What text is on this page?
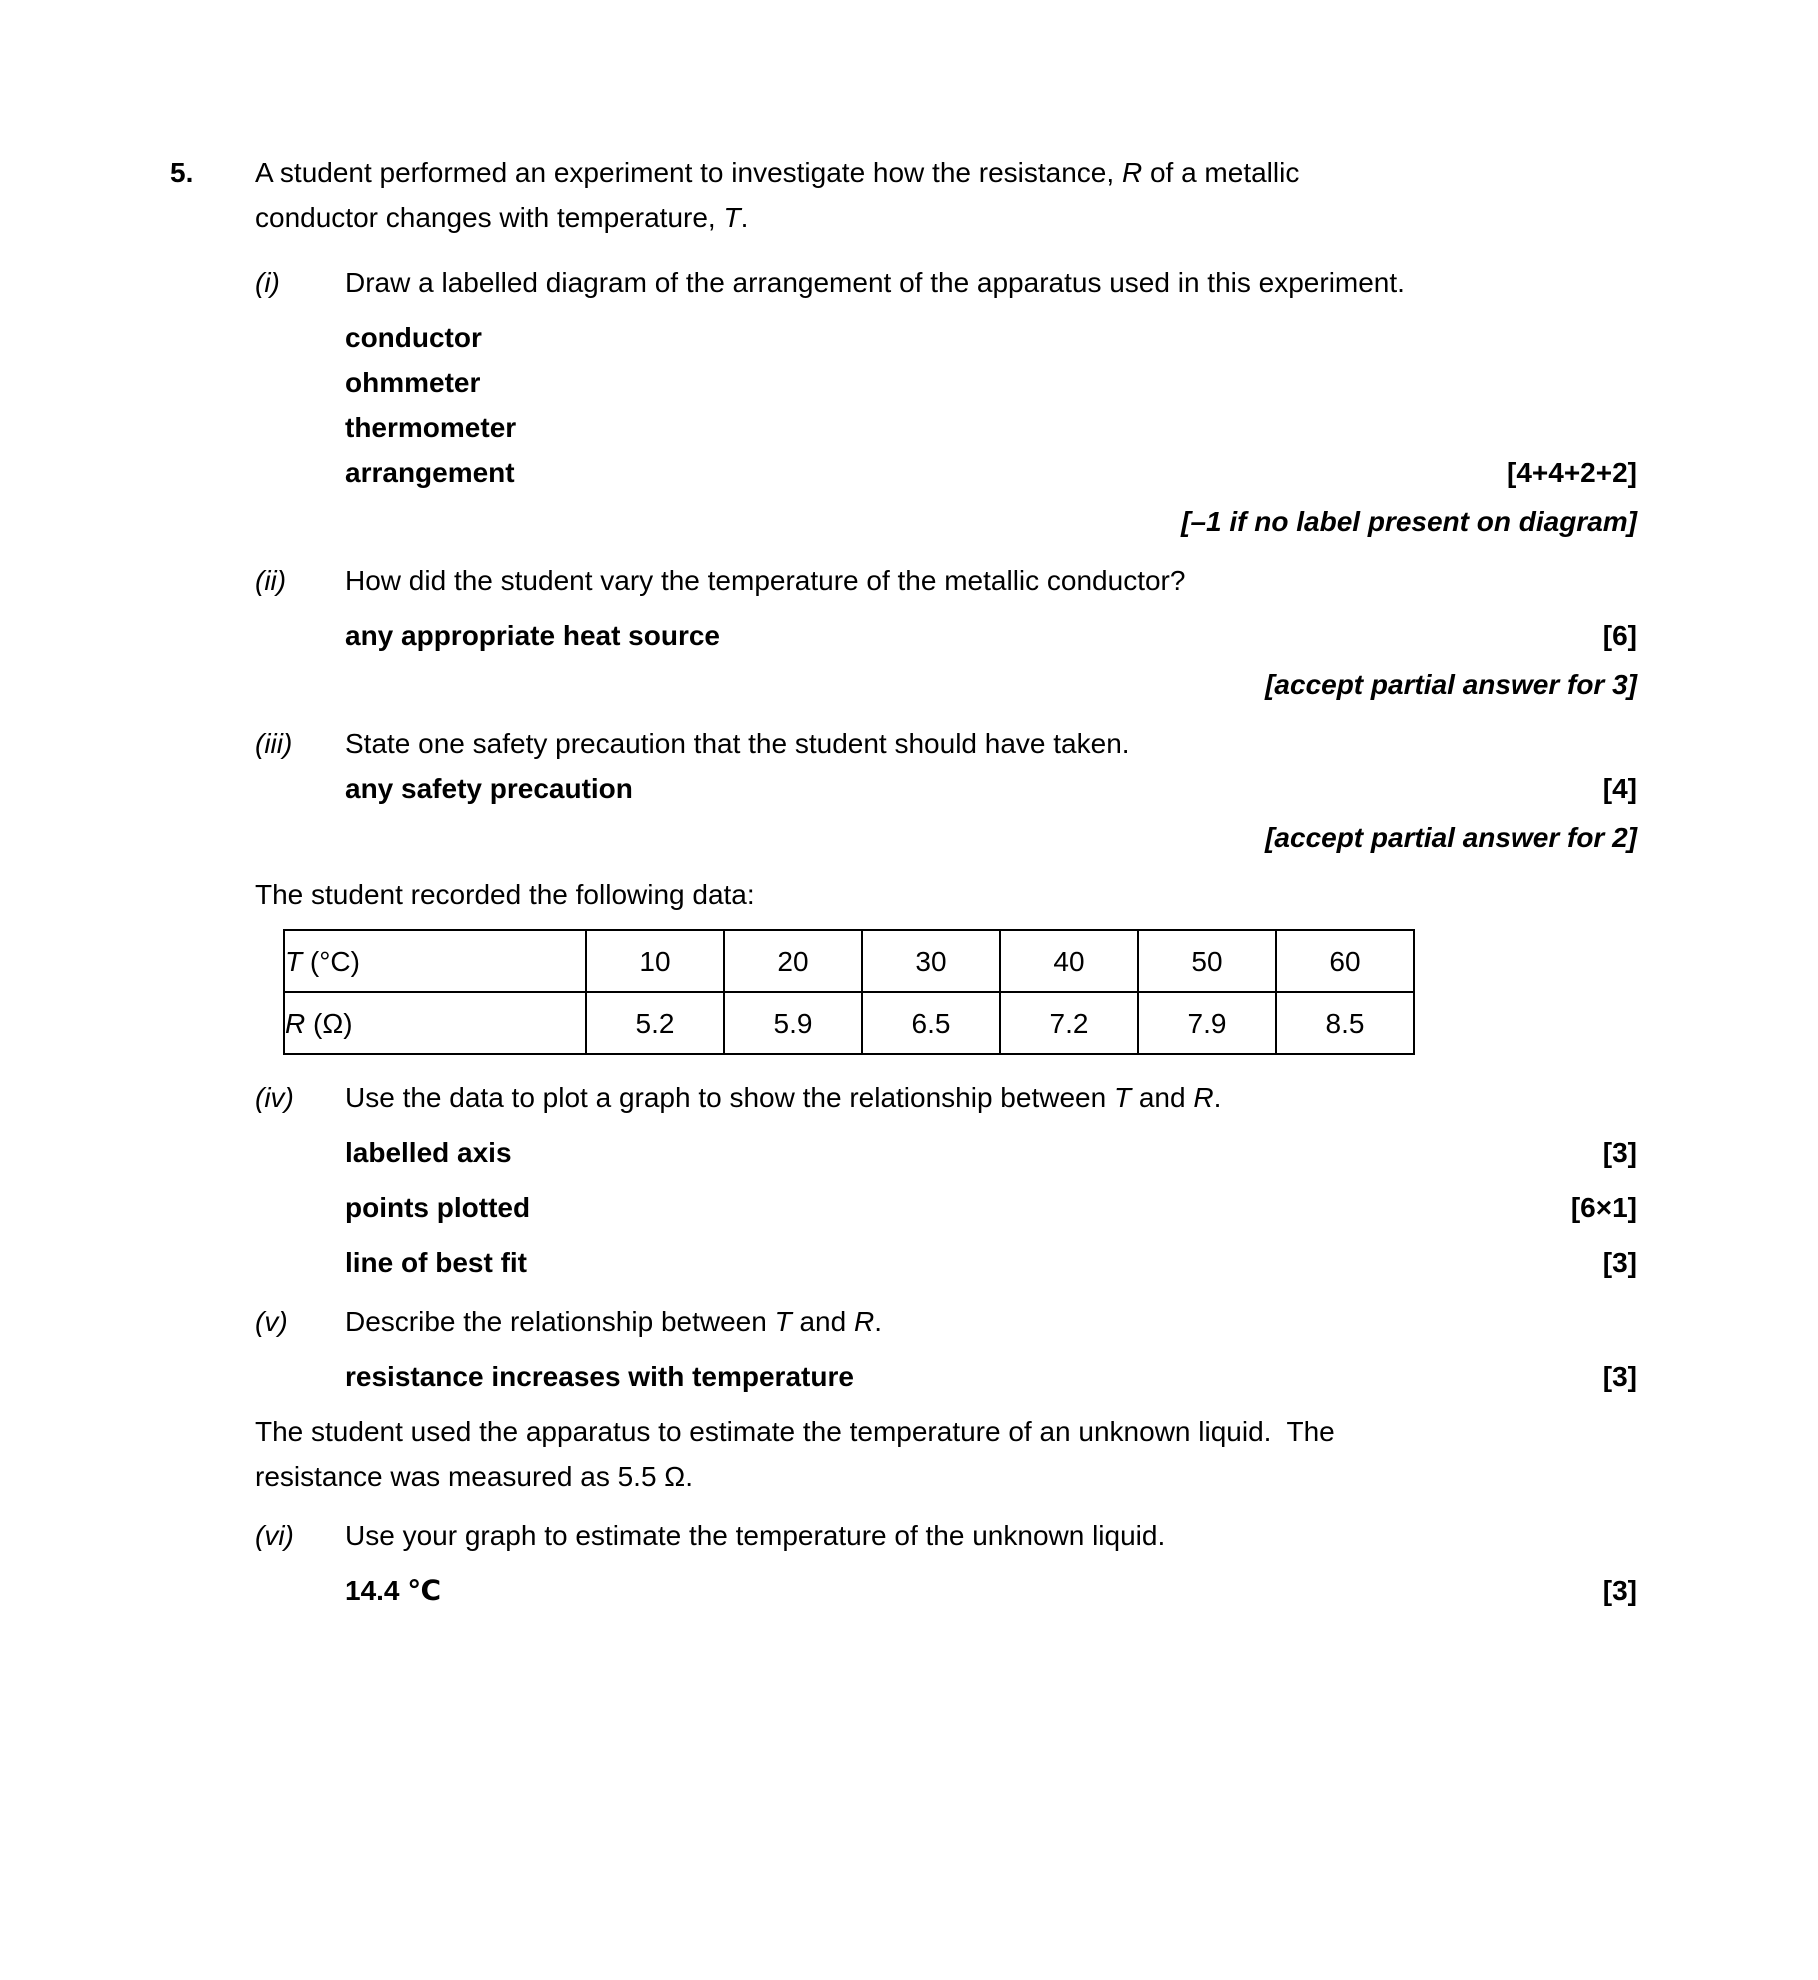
5.	A student performed an experiment to investigate how the resistance, R of a metallic
conductor changes with temperature, T.
(i)	Draw a labelled diagram of the arrangement of the apparatus used in this experiment.
conductor
ohmmeter
thermometer
arrangement	[4+4+2+2]
[–1 if no label present on diagram]
(ii)	How did the student vary the temperature of the metallic conductor?
any appropriate heat source	[6]
[accept partial answer for 3]
(iii)	State one safety precaution that the student should have taken.
any safety precaution	[4]
[accept partial answer for 2]
The student recorded the following data:
T (°C)	10	20	30	40	50	60
R (Ω)	5.2	5.9	6.5	7.2	7.9	8.5
(iv)	Use the data to plot a graph to show the relationship between T and R.
labelled axis	[3]
points plotted	[6×1]
line of best fit	[3]
(v)	Describe the relationship between T and R.
resistance increases with temperature	[3]
The student used the apparatus to estimate the temperature of an unknown liquid.  The
resistance was measured as 5.5 Ω.
(vi)	Use your graph to estimate the temperature of the unknown liquid.
14.4 ℃	[3]
